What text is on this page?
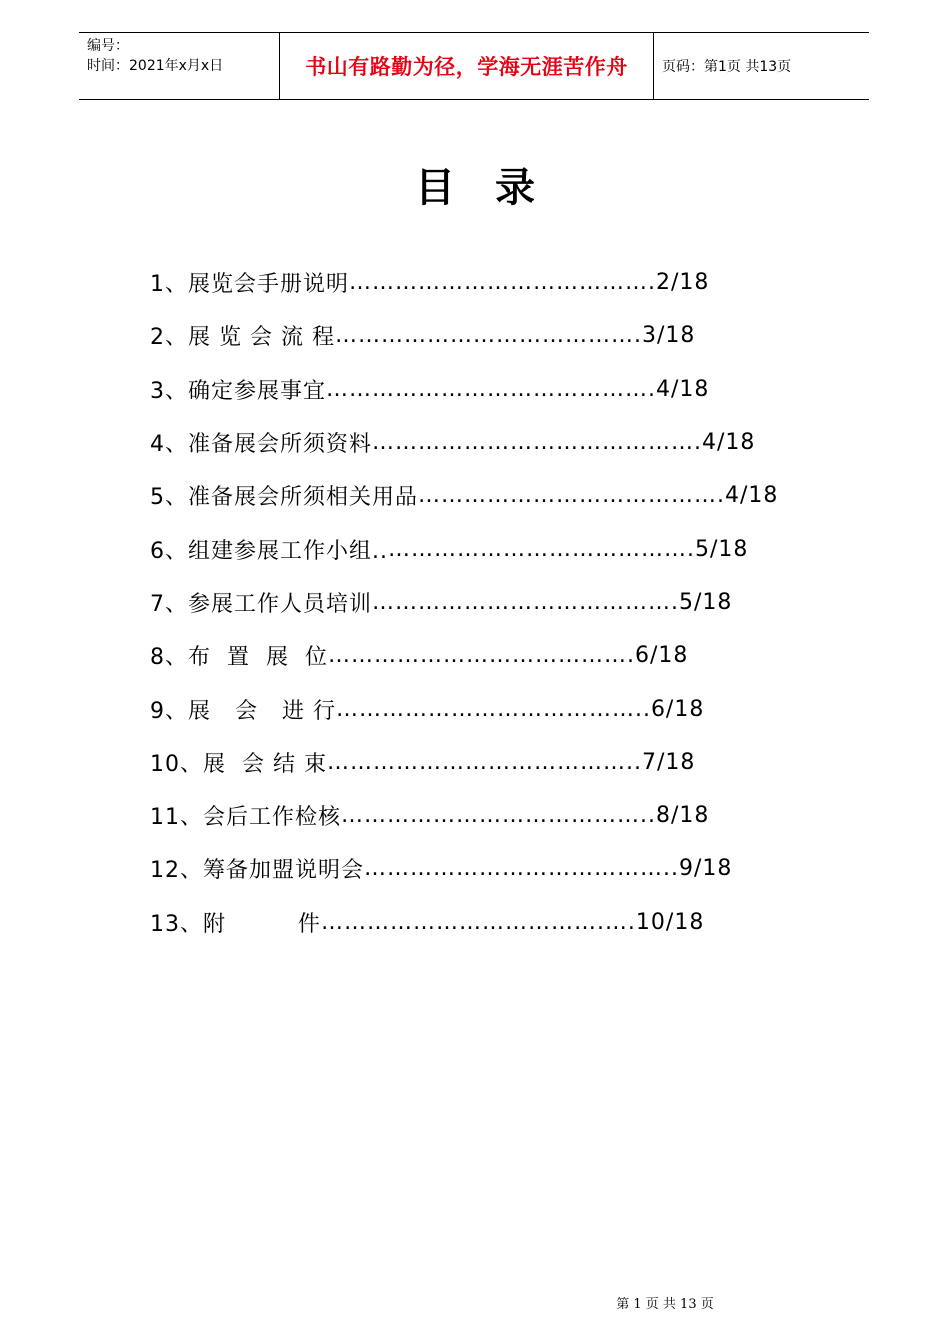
编号：
时间：2021年x月x日	书山有路勤为径，学海无涯苦作舟	页码：第1页 共13页
目录
1、展览会手册说明 ………………………………… .2/18
2、展 览 会 流 程 ………………………………… .3/18
3、确定参展事宜 …………………………………… .4/18
4、准备展会所须资料 …………………………………… .4/18
5、准备展会所须相关用品 ………………………………… .4/18
6、组建参展工作小组.. ………………………………… .5/18
7、参展工作人员培训 ………………………………… .5/18
8、布  置  展  位 ………………………………… .6/18
9、展   会   进 行 ………………………………… ..6/18
10、展  会 结 束 ………………………………… ..7/18
11、会后工作检核 ………………………………… ..8/18
12、筹备加盟说明会 ………………………………… ..9/18
13、附         件 ……………………………… .….10/18
第 1 页 共 13 页
